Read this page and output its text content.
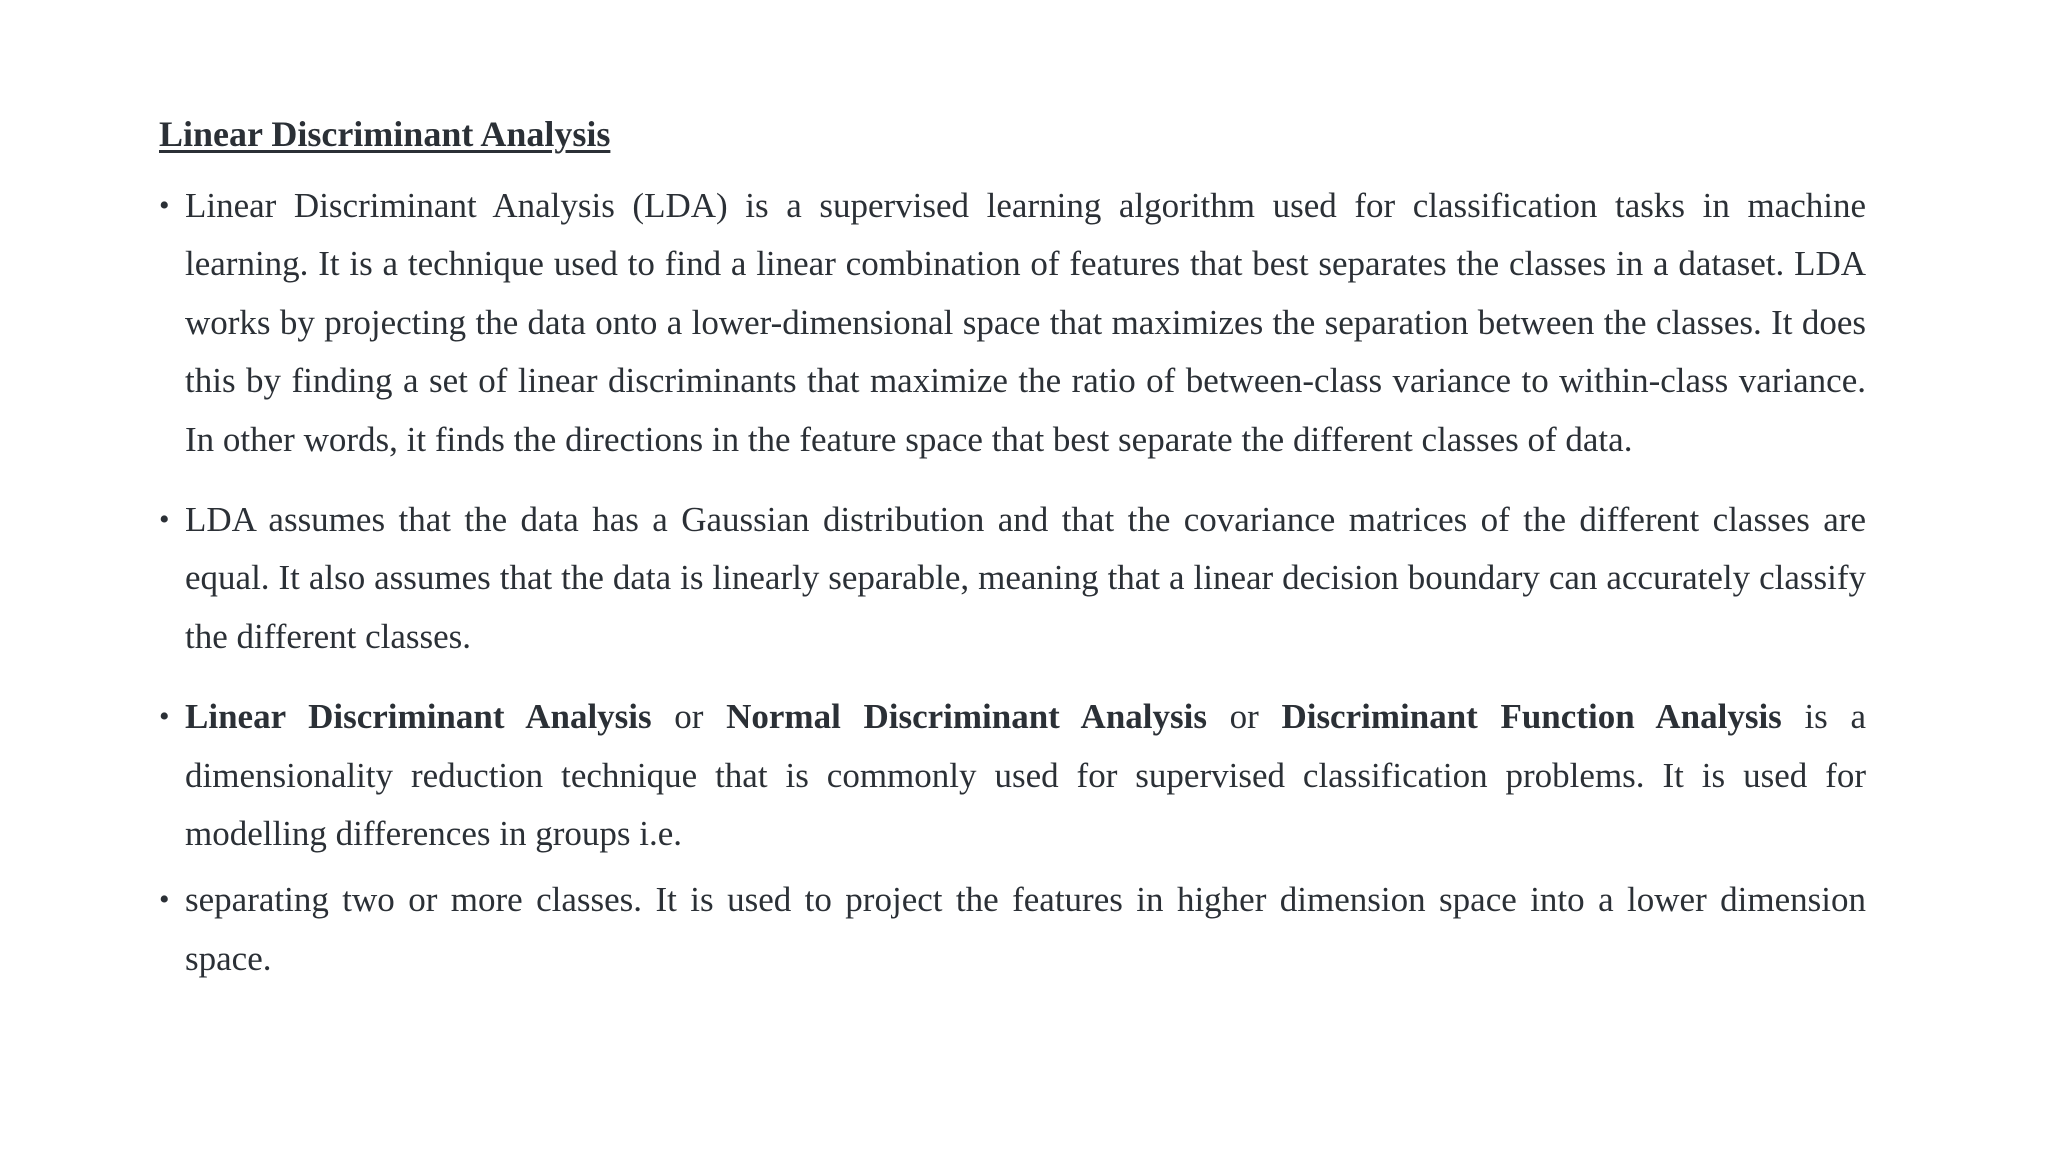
Linear Discriminant Analysis
• Linear Discriminant Analysis (LDA) is a supervised learning algorithm used for classification tasks in machine learning. It is a technique used to find a linear combination of features that best separates the classes in a dataset. LDA works by projecting the data onto a lower-dimensional space that maximizes the separation between the classes. It does this by finding a set of linear discriminants that maximize the ratio of between-class variance to within-class variance. In other words, it finds the directions in the feature space that best separate the different classes of data.
• LDA assumes that the data has a Gaussian distribution and that the covariance matrices of the different classes are equal. It also assumes that the data is linearly separable, meaning that a linear decision boundary can accurately classify the different classes.
• Linear Discriminant Analysis or Normal Discriminant Analysis or Discriminant Function Analysis is a dimensionality reduction technique that is commonly used for supervised classification problems. It is used for modelling differences in groups i.e.
• separating two or more classes. It is used to project the features in higher dimension space into a lower dimension space.
